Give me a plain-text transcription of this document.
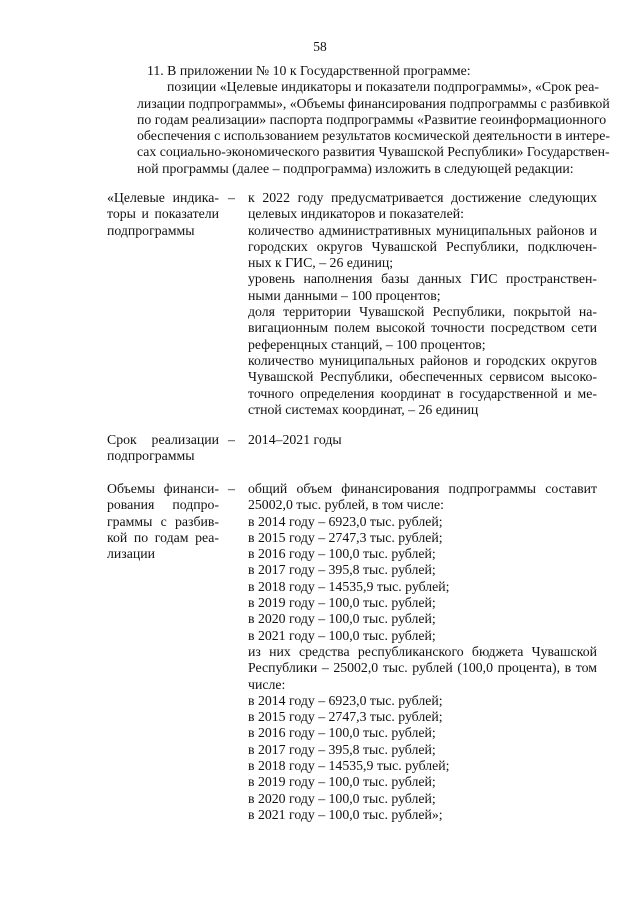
58
11. В приложении № 10 к Государственной программе:
позиции «Целевые индикаторы и показатели подпрограммы», «Срок реа-
лизации подпрограммы», «Объемы финансирования подпрограммы с разбивкой
по годам реализации» паспорта подпрограммы «Развитие геоинформационного
обеспечения с использованием результатов космической деятельности в интере-
сах социально-экономического развития Чувашской Республики» Государствен-
ной программы (далее – подпрограмма) изложить в следующей редакции:
«Целевые индика-
торы и показатели
подпрограммы
– к 2022 году предусматривается достижение следующих
целевых индикаторов и показателей:
количество административных муниципальных районов и
городских округов Чувашской Республики, подключен-
ных к ГИС, – 26 единиц;
уровень наполнения базы данных ГИС пространствен-
ными данными – 100 процентов;
доля территории Чувашской Республики, покрытой на-
вигационным полем высокой точности посредством сети
референцных станций, – 100 процентов;
количество муниципальных районов и городских округов
Чувашской Республики, обеспеченных сервисом высоко-
точного определения координат в государственной и ме-
стной системах координат, – 26 единиц
Срок реализации
подпрограммы
– 2014–2021 годы
Объемы финанси-
рования подпро-
граммы с разбив-
кой по годам реа-
лизации
– общий объем финансирования подпрограммы составит
25002,0 тыс. рублей, в том числе:
в 2014 году – 6923,0 тыс. рублей;
в 2015 году – 2747,3 тыс. рублей;
в 2016 году – 100,0 тыс. рублей;
в 2017 году – 395,8 тыс. рублей;
в 2018 году – 14535,9 тыс. рублей;
в 2019 году – 100,0 тыс. рублей;
в 2020 году – 100,0 тыс. рублей;
в 2021 году – 100,0 тыс. рублей;
из них средства республиканского бюджета Чувашской
Республики – 25002,0 тыс. рублей (100,0 процента), в том
числе:
в 2014 году – 6923,0 тыс. рублей;
в 2015 году – 2747,3 тыс. рублей;
в 2016 году – 100,0 тыс. рублей;
в 2017 году – 395,8 тыс. рублей;
в 2018 году – 14535,9 тыс. рублей;
в 2019 году – 100,0 тыс. рублей;
в 2020 году – 100,0 тыс. рублей;
в 2021 году – 100,0 тыс. рублей»;
